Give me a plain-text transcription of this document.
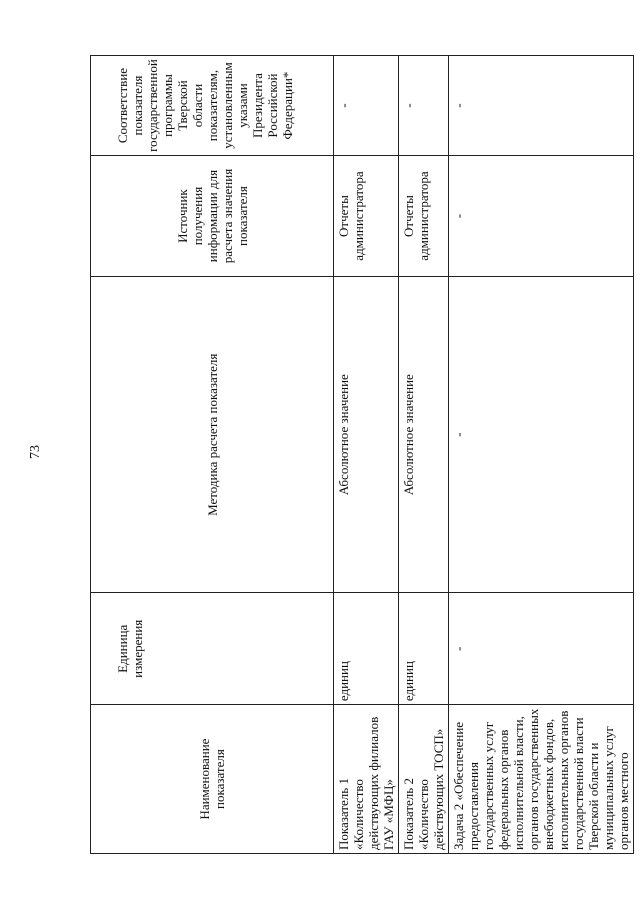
73
Наименование показателя	Единица измерения	Методика расчета показателя	Источник получения информации для расчета значения показателя	Соответствие показателя государственной программы Тверской области показателям, установленным указами Президента Российской Федерации*
Показатель 1 «Количество действующих филиалов ГАУ «МФЦ»	единиц	Абсолютное значение	Отчеты администратора	-
Показатель 2 «Количество действующих ТОСП»	единиц	Абсолютное значение	Отчеты администратора	-
Задача 2 «Обеспечение предоставления государственных услуг федеральных органов исполнительной власти, органов государственных внебюджетных фондов, исполнительных органов государственной власти Тверской области и муниципальных услуг органов местного	-	-	-	-
